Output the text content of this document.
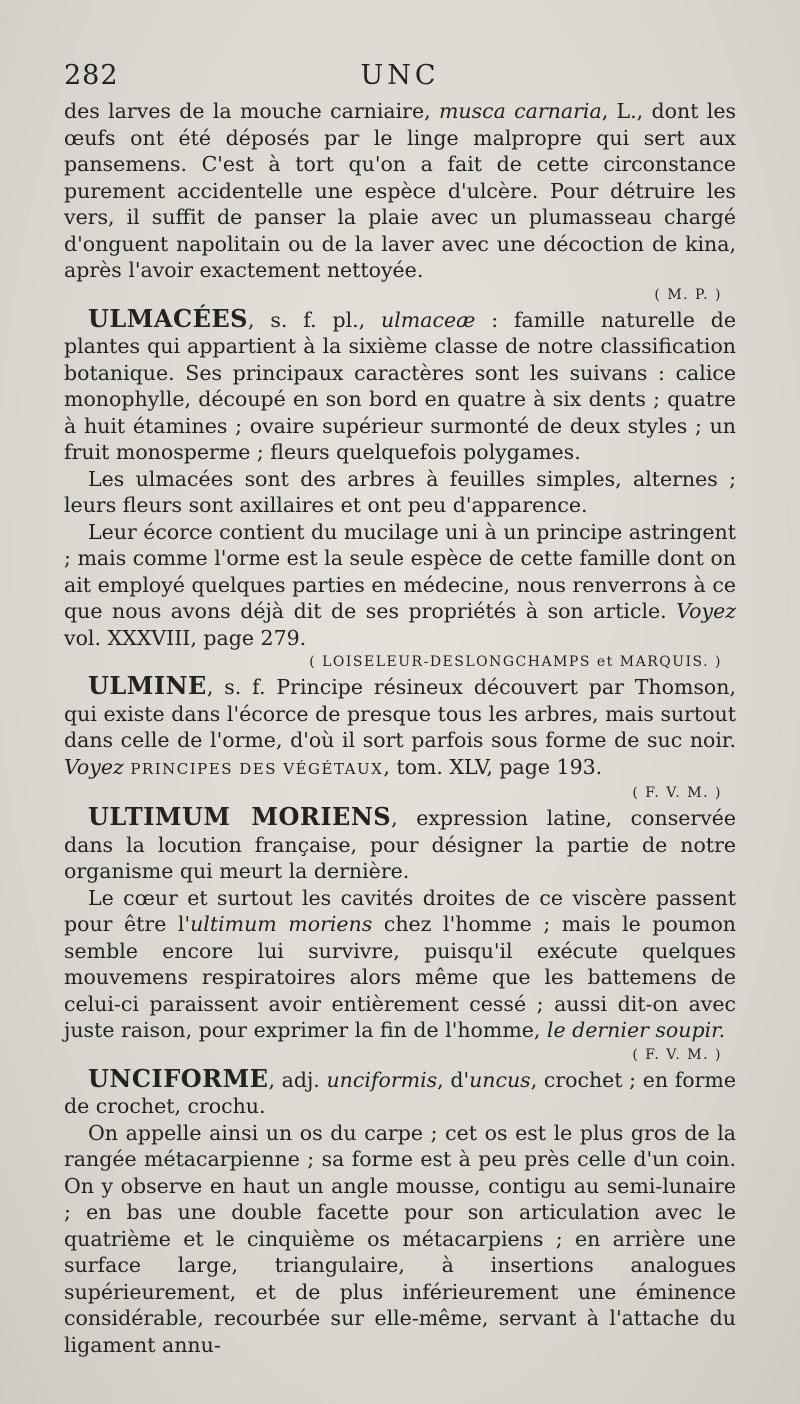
282	UNC

des larves de la mouche carniaire, musca carnaria, L., dont les œufs ont été déposés par le linge malpropre qui sert aux pansemens. C'est à tort qu'on a fait de cette circonstance purement accidentelle une espèce d'ulcère. Pour détruire les vers, il suffit de panser la plaie avec un plumasseau chargé d'onguent napolitain ou de la laver avec une décoction de kina, après l'avoir exactement nettoyée.

( M. P. )

ULMACÉES, s. f. pl., ulmaceæ : famille naturelle de plantes qui appartient à la sixième classe de notre classification botanique. Ses principaux caractères sont les suivans : calice monophylle, découpé en son bord en quatre à six dents ; quatre à huit étamines ; ovaire supérieur surmonté de deux styles ; un fruit monosperme ; fleurs quelquefois polygames.

Les ulmacées sont des arbres à feuilles simples, alternes ; leurs fleurs sont axillaires et ont peu d'apparence.

Leur écorce contient du mucilage uni à un principe astringent ; mais comme l'orme est la seule espèce de cette famille dont on ait employé quelques parties en médecine, nous renverrons à ce que nous avons déjà dit de ses propriétés à son article. Voyez vol. XXXVIII, page 279.

( LOISELEUR-DESLONGCHAMPS et MARQUIS. )

ULMINE, s. f. Principe résineux découvert par Thomson, qui existe dans l'écorce de presque tous les arbres, mais surtout dans celle de l'orme, d'où il sort parfois sous forme de suc noir. Voyez PRINCIPES DES VÉGÉTAUX, tom. XLV, page 193.

( F. V. M. )

ULTIMUM MORIENS, expression latine, conservée dans la locution française, pour désigner la partie de notre organisme qui meurt la dernière.

Le cœur et surtout les cavités droites de ce viscère passent pour être l'ultimum moriens chez l'homme ; mais le poumon semble encore lui survivre, puisqu'il exécute quelques mouvemens respiratoires alors même que les battemens de celui-ci paraissent avoir entièrement cessé ; aussi dit-on avec juste raison, pour exprimer la fin de l'homme, le dernier soupir.

( F. V. M. )

UNCIFORME, adj. unciformis, d'uncus, crochet ; en forme de crochet, crochu.

On appelle ainsi un os du carpe ; cet os est le plus gros de la rangée métacarpienne ; sa forme est à peu près celle d'un coin. On y observe en haut un angle mousse, contigu au semi-lunaire ; en bas une double facette pour son articulation avec le quatrième et le cinquième os métacarpiens ; en arrière une surface large, triangulaire, à insertions analogues supérieurement, et de plus inférieurement une éminence considérable, recourbée sur elle-même, servant à l'attache du ligament annu-
